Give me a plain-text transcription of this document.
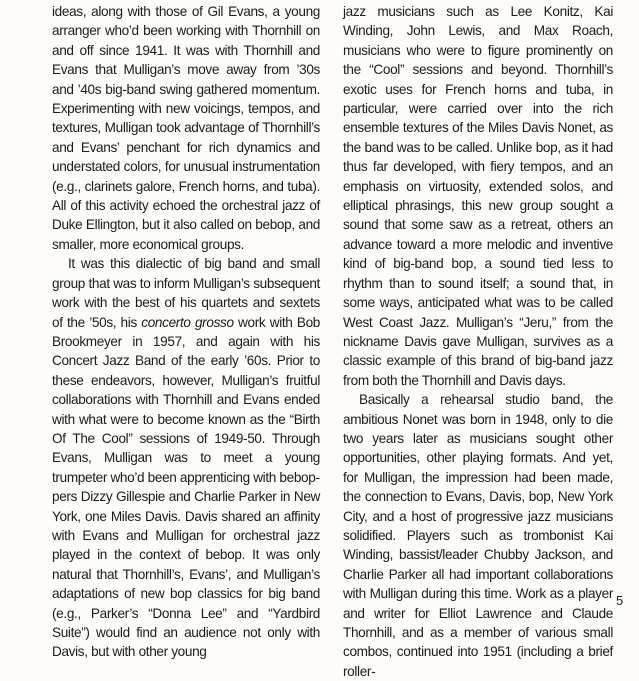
ideas, along with those of Gil Evans, a young arranger who’d been working with Thornhill on and off since 1941. It was with Thornhill and Evans that Mulligan’s move away from ’30s and ’40s big-band swing gathered momentum. Experimenting with new voicings, tempos, and textures, Mulligan took advantage of Thornhill’s and Evans’ penchant for rich dynamics and understated colors, for unusual instrumentation (e.g., clarinets galore, French horns, and tuba). All of this activity echoed the orchestral jazz of Duke Ellington, but it also called on bebop, and smaller, more economical groups.

It was this dialectic of big band and small group that was to inform Mulligan’s subsequent work with the best of his quartets and sextets of the ’50s, his concerto grosso work with Bob Brookmeyer in 1957, and again with his Concert Jazz Band of the early ’60s. Prior to these endeavors, however, Mulligan’s fruitful collaborations with Thornhill and Evans ended with what were to become known as the “Birth Of The Cool” sessions of 1949-50. Through Evans, Mulligan was to meet a young trumpeter who’d been apprenticing with beboppers Dizzy Gillespie and Charlie Parker in New York, one Miles Davis. Davis shared an affinity with Evans and Mulligan for orchestral jazz played in the context of bebop. It was only natural that Thornhill’s, Evans’, and Mulligan’s adaptations of new bop classics for big band (e.g., Parker’s “Donna Lee” and “Yardbird Suite”) would find an audience not only with Davis, but with other young

jazz musicians such as Lee Konitz, Kai Winding, John Lewis, and Max Roach, musicians who were to figure prominently on the “Cool” sessions and beyond. Thornhill’s exotic uses for French horns and tuba, in particular, were carried over into the rich ensemble textures of the Miles Davis Nonet, as the band was to be called. Unlike bop, as it had thus far developed, with fiery tempos, and an emphasis on virtuosity, extended solos, and elliptical phrasings, this new group sought a sound that some saw as a retreat, others an advance toward a more melodic and inventive kind of big-band bop, a sound tied less to rhythm than to sound itself; a sound that, in some ways, anticipated what was to be called West Coast Jazz. Mulligan’s “Jeru,” from the nickname Davis gave Mulligan, survives as a classic example of this brand of big-band jazz from both the Thornhill and Davis days.

Basically a rehearsal studio band, the ambitious Nonet was born in 1948, only to die two years later as musicians sought other opportunities, other playing formats. And yet, for Mulligan, the impression had been made, the connection to Evans, Davis, bop, New York City, and a host of progressive jazz musicians solidified. Players such as trombonist Kai Winding, bassist/leader Chubby Jackson, and Charlie Parker all had important collaborations with Mulligan during this time. Work as a player and writer for Elliot Lawrence and Claude Thornhill, and as a member of various small combos, continued into 1951 (including a brief roller-

5
